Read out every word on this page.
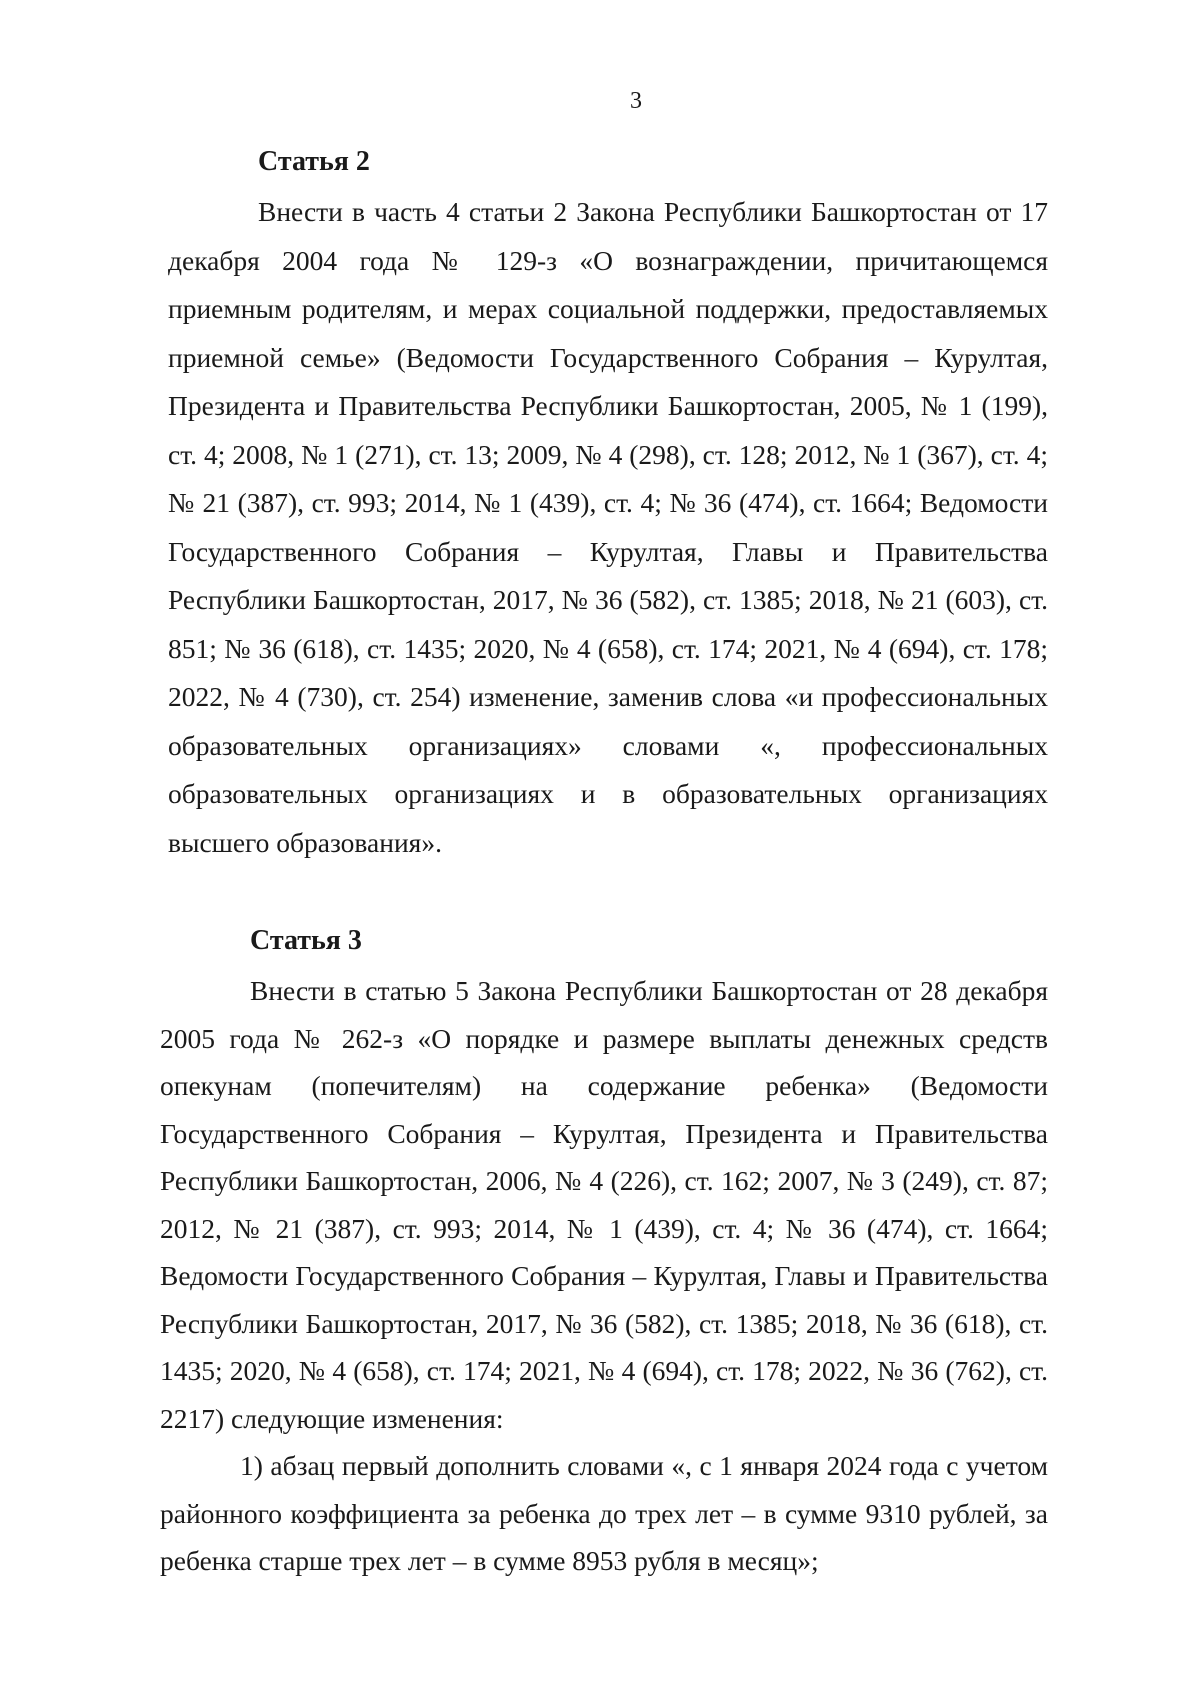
3
Статья 2

Внести в часть 4 статьи 2 Закона Республики Башкортостан от 17 декабря 2004 года № 129-з «О вознаграждении, причитающемся приемным родителям, и мерах социальной поддержки, предоставляемых приемной семье» (Ведомости Государственного Собрания – Курултая, Президента и Правительства Республики Башкортостан, 2005, № 1 (199), ст. 4; 2008, № 1 (271), ст. 13; 2009, № 4 (298), ст. 128; 2012, № 1 (367), ст. 4; № 21 (387), ст. 993; 2014, № 1 (439), ст. 4; № 36 (474), ст. 1664; Ведомости Государственного Собрания – Курултая, Главы и Правительства Республики Башкортостан, 2017, № 36 (582), ст. 1385; 2018, № 21 (603), ст. 851; № 36 (618), ст. 1435; 2020, № 4 (658), ст. 174; 2021, № 4 (694), ст. 178; 2022, № 4 (730), ст. 254) изменение, заменив слова «и профессиональных образовательных организациях» словами «, профессиональных образовательных организациях и в образовательных организациях высшего образования».

Статья 3

Внести в статью 5 Закона Республики Башкортостан от 28 декабря 2005 года № 262-з «О порядке и размере выплаты денежных средств опекунам (попечителям) на содержание ребенка» (Ведомости Государственного Собрания – Курултая, Президента и Правительства Республики Башкортостан, 2006, № 4 (226), ст. 162; 2007, № 3 (249), ст. 87; 2012, № 21 (387), ст. 993; 2014, № 1 (439), ст. 4; № 36 (474), ст. 1664; Ведомости Государственного Собрания – Курултая, Главы и Правительства Республики Башкортостан, 2017, № 36 (582), ст. 1385; 2018, № 36 (618), ст. 1435; 2020, № 4 (658), ст. 174; 2021, № 4 (694), ст. 178; 2022, № 36 (762), ст. 2217) следующие изменения:

1) абзац первый дополнить словами «, с 1 января 2024 года с учетом районного коэффициента за ребенка до трех лет – в сумме 9310 рублей, за ребенка старше трех лет – в сумме 8953 рубля в месяц»;
